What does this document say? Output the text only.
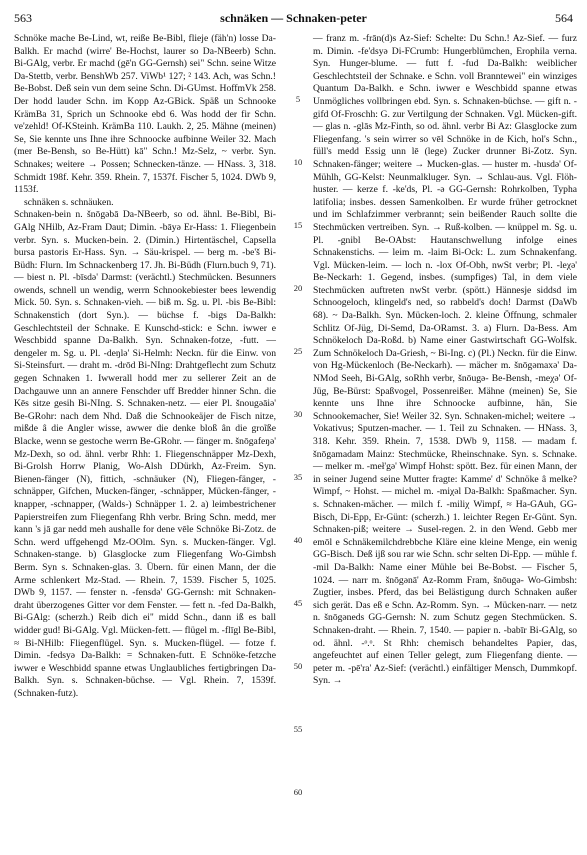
563	schnäken — Schnaken-peter	564

Schnöke mache Be-Lind, wt, reiße Be-Bibl, flieje (fäh'n) losse Da-Balkh. Er machd (wirre' Be-Hochst, laurer so Da-NBeerb) Schn. Bi-GAlg, verbr. Er machd (gē'n GG-Gernsh) sei" Schn. seine Witze Da-Stettb, verbr. BenshWb 257. ViWb¹ 127; ² 143. Ach, was Schn.! Be-Bobst. Deß sein vun dem seine Schn. Di-GUmst. HoffmVk 258. Der hodd lauder Schn. im Kopp Az-GBick. Späß un Schnooke KrämBa 31, Sprich un Schnooke ebd 6. Was hodd der fir Schn. ve'zehld! Of-KSteinh. KrämBa 110. Laukh. 2, 25. Mähne (meinen) Se, Sie kennte uns Ihne ihre Schnoocke aufbinne Weiler 32. Mach (mer Be-Bensh, so Be-Hütt) kā" Schn.! Mz-Selz, ~ verbr. Syn. Schnakes; weitere → Possen; Schnecken-tänze. — HNass. 3, 318. Schmidt 198f. Kehr. 359. Rhein. 7, 1537f. Fischer 5, 1024. DWb 9, 1153f.

schnäken s. schnäuken.

Schnaken-bein n. šnōgəbā Da-NBeerb, so od. ähnl. Be-Bibl, Bi-GAlg NHilb, Az-Fram Daut; Dimin. -bāyə Er-Hass: 1. Fliegenbein verbr. Syn. s. Mucken-bein. 2. (Dimin.) Hirtentäschel, Capsella bursa pastoris Er-Hass. Syn. → Säu-krispel. — berg m. -be'š Bi-Büdh: Flurn. Im Schnackenberg 17. Jh. Bi-Büdh (Flurn.buch 9, 71). — biest n. Pl. -bīsdə' Darmst: (verächtl.) Stechmücken. Besunners owends, schnell un wendig, werrn Schnookebiester bees lewendig Mick. 50. Syn. s. Schnaken-vieh. — biß m. Sg. u. Pl. -bis Be-Bibl: Schnakenstich (dort Syn.). — büchse f. -bigs Da-Balkh: Geschlechtsteil der Schnake. E Kunschd-stick: e Schn. iwwer e Weschbidd spanne Da-Balkh. Syn. Schnaken-fotze, -futt. — dengeler m. Sg. u. Pl. -deŋlə' Si-Helmh: Neckn. für die Einw. von Si-Steinsfurt. — draht m. -drōd Bi-NIng: Drahtgeflecht zum Schutz gegen Schnaken 1. Iwwerall hodd mer zu sellerer Zeit an de Dachgauwe unn an annere Fenschder uff Bredder hinner Schn. die Kēs sitze gesih Bi-NIng. S. Schnaken-netz. — eier Pl. šnougəāiə' Be-GRohr: nach dem Nhd. Daß die Schnookeäjer de Fisch nitze, mißde â die Angler wisse, awwer die denke bloß ân die groĩße Blacke, wenn se gestoche werrn Be-GRohr. — fänger m. šnōgafeŋə' Mz-Dexh, so od. ähnl. verbr Rhh: 1. Fliegenschnäpper Mz-Dexh, Bi-Grolsh Horrw Planig, Wo-Alsh DDürkh, Az-Freim. Syn. Bienen-fänger (N), fittich, -schnäuker (N), Fliegen-fänger, -schnäpper, Gifchen, Mucken-fänger, -schnäpper, Mücken-fänger, -knapper, -schnapper, (Walds-) Schnäpper 1. 2. a) leimbestrichener Papierstreifen zum Fliegenfang Rhh verbr. Bring Schn. medd, mer kann 's jā gar nedd meh aushalle for dene vēle Schnöke Bi-Zotz. de Schn. werd uffgehengd Mz-OOlm. Syn. s. Mucken-fänger. Vgl. Schnaken-stange. b) Glasglocke zum Fliegenfang Wo-Gimbsh Berm. Syn s. Schnaken-glas. 3. Übern. für einen Mann, der die Arme schlenkert Mz-Stad. — Rhein. 7, 1539. Fischer 5, 1025. DWb 9, 1157. — fenster n. -fensdə' GG-Gernsh: mit Schnaken-draht überzogenes Gitter vor dem Fenster. — fett n. -fed Da-Balkh, Bi-GAlg: (scherzh.) Reib dich ei" midd Schn., dann iß es ball widder gud! Bi-GAlg. Vgl. Mücken-fett. — flügel m. -flīgl Be-Bibl, ≈ Bi-NHilb: Fliegenflügel. Syn. s. Mucken-flügel. — fotze f. Dimin. -fedsyə Da-Balkh: = Schnaken-futt. E Schnöke-fetzche iwwer e Weschbidd spanne etwas Unglaubliches fertigbringen Da-Balkh. Syn. s. Schnaken-büchse. — Vgl. Rhein. 7, 1539f. (Schnaken-futz).

5
10
15
20
25
30
35
40
45
50
55
60

— franz m. -frān(d)s Az-Sief: Schelte: Du Schn.! Az-Sief. — furz m. Dimin. -fe'dsyə Di-FCrumb: Hungerblümchen, Erophila verna. Syn. Hunger-blume. — futt f. -fud Da-Balkh: weiblicher Geschlechtsteil der Schnake. e Schn. voll Branntewei" ein winziges Quantum Da-Balkh. e Schn. iwwer e Weschbidd spanne etwas Unmögliches vollbringen ebd. Syn. s. Schnaken-büchse. — gift n. -gifd Of-Froschh: G. zur Vertilgung der Schnaken. Vgl. Mücken-gift. — glas n. -glās Mz-Finth, so od. ähnl. verbr Bi Az: Glasglocke zum Fliegenfang. 's sein wirrer so vēl Schnöke in de Kich, hol's Schn., füll's medd Essig unn lē (lege) Zucker drunner Bi-Zotz. Syn. Schnaken-fänger; weitere → Mucken-glas. — huster m. -husdə' Of-Mühlh, GG-Kelst: Neunmalkluger. Syn. → Schlau-aus. Vgl. Flöh-huster. — kerze f. -ke'ds, Pl. -ə GG-Gernsh: Rohrkolben, Typha latifolia; insbes. dessen Samenkolben. Er wurde früher getrocknet und im Schlafzimmer verbrannt; sein beißender Rauch sollte die Stechmücken vertreiben. Syn. → Ruß-kolben. — knüppel m. Sg. u. Pl. -gnibl Be-OAbst: Hautanschwellung infolge eines Schnakenstichs. — leim m. -laim Bi-Ock: L. zum Schnakenfang. Vgl. Mücken-leim. — loch n. -lox Of-Obh, nwSt verbr; Pl. -leχə' Be-Neckarh: 1. Gegend, insbes. (sumpfiges) Tal, in dem viele Stechmücken auftreten nwSt verbr. (spött.) Hännesje siddsd im Schnoogeloch, klingeld's ned, so rabbeld's doch! Darmst (DaWb 68). ~ Da-Balkh. Syn. Mücken-loch. 2. kleine Öffnung, schmaler Schlitz Of-Jüg, Di-Semd, Da-ORamst. 3. a) Flurn. Da-Bess. Am Schnökeloch Da-Roßd. b) Name einer Gastwirtschaft GG-Wolfsk. Zum Schnökeloch Da-Griesh, ~ Bi-Ing. c) (Pl.) Neckn. für die Einw. von Hg-Mückenloch (Be-Neckarh). — mächer m. šnōgəmaxə' Da-NMod Seeh, Bi-GAlg, soRhh verbr, šnōugə- Be-Bensh, -meχə' Of-Jüg, Be-Bürst: Spaßvogel, Possenreißer. Mähne (meinen) Se, Sie kennte uns Ihne ihre Schnoocke aufbinne, hän, Sie Schnookemacher, Sie! Weiler 32. Syn. Schnaken-michel; weitere → Vokativus; Sputzen-macher. — 1. Teil zu Schnaken. — HNass. 3, 318. Kehr. 359. Rhein. 7, 1538. DWb 9, 1158. — madam f. šnōgamadam Mainz: Stechmücke, Rheinschnake. Syn. s. Schnake. — melker m. -meł'gə' Wimpf Hohst: spött. Bez. für einen Mann, der in seiner Jugend seine Mutter fragte: Kamme' d' Schnöke â melke? Wimpf, ~ Hohst. — michel m. -miχəl Da-Balkh: Spaßmacher. Syn. s. Schnaken-mächer. — milch f. -miliχ Wimpf, ≈ Ha-GAuh, GG-Bisch, Di-Epp, Er-Günt: (scherzh.) 1. leichter Regen Er-Günt. Syn. Schnaken-piß; weitere → Susel-regen. 2. in den Wend. Gebb mer emōl e Schnäkemilchdrebbche Kläre eine kleine Menge, ein wenig GG-Bisch. Deß ijß sou rar wie Schn. schr selten Di-Epp. — mühle f. -mil Da-Balkh: Name einer Mühle bei Be-Bobst. — Fischer 5, 1024. — narr m. šnōgənā' Az-Romm Fram, šnōugə- Wo-Gimbsh: Zugtier, insbes. Pferd, das bei Belästigung durch Schnaken außer sich gerät. Das eß e Schn. Az-Romm. Syn. → Mücken-narr. — netz n. šnōgəneds GG-Gernsh: N. zum Schutz gegen Stechmücken. S. Schnaken-draht. — Rhein. 7, 1540. — papier n. -babīr Bi-GAlg, so od. ähnl. -ᵒ.ᵒ. St Rhh: chemisch behandeltes Papier, das, angefeuchtet auf einen Teller gelegt, zum Fliegenfang diente. — peter m. -pē'ra' Az-Sief: (verächtl.) einfältiger Mensch, Dummkopf. Syn. →
